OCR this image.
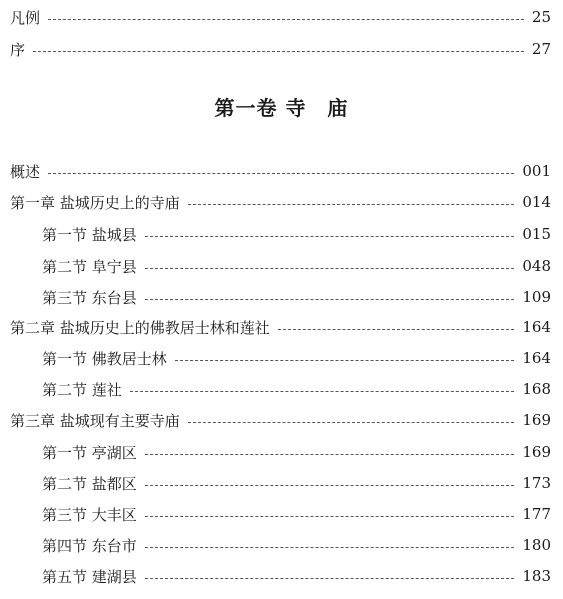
凡例	25
序	27
第一卷 寺　庙
概述	001
第一章 盐城历史上的寺庙	014
第一节 盐城县	015
第二节 阜宁县	048
第三节 东台县	109
第二章 盐城历史上的佛教居士林和莲社	164
第一节 佛教居士林	164
第二节 莲社	168
第三章 盐城现有主要寺庙	169
第一节 亭湖区	169
第二节 盐都区	173
第三节 大丰区	177
第四节 东台市	180
第五节 建湖县	183
